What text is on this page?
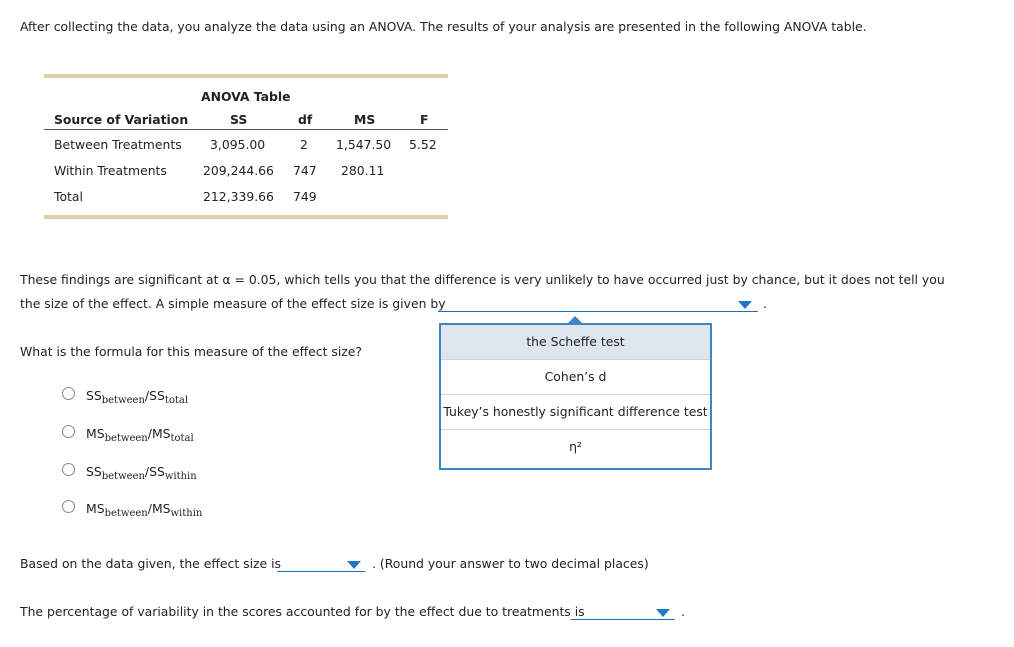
After collecting the data, you analyze the data using an ANOVA. The results of your analysis are presented in the following ANOVA table.
ANOVA Table
Source of Variation	SS	df	MS	F
Between Treatments 3,095.00	2 1,547.50 5.52
Within Treatments	209,244.66 747 280.11
Total	212,339.66 749
These findings are significant at α = 0.05, which tells you that the difference is very unlikely to have occurred just by chance, but it does not tell you
the size of the effect. A simple measure of the effect size is given by	.
the Scheffe test
Cohen’s d
Tukey’s honestly significant difference test
η²
What is the formula for this measure of the effect size?
$SS_{between}/SS_{total}$
$MS_{between}/MS_{total}$
$SS_{between}/SS_{within}$
$MS_{between}/MS_{within}$
Based on the data given, the effect size is	. (Round your answer to two decimal places)
The percentage of variability in the scores accounted for by the effect due to treatments is	.
